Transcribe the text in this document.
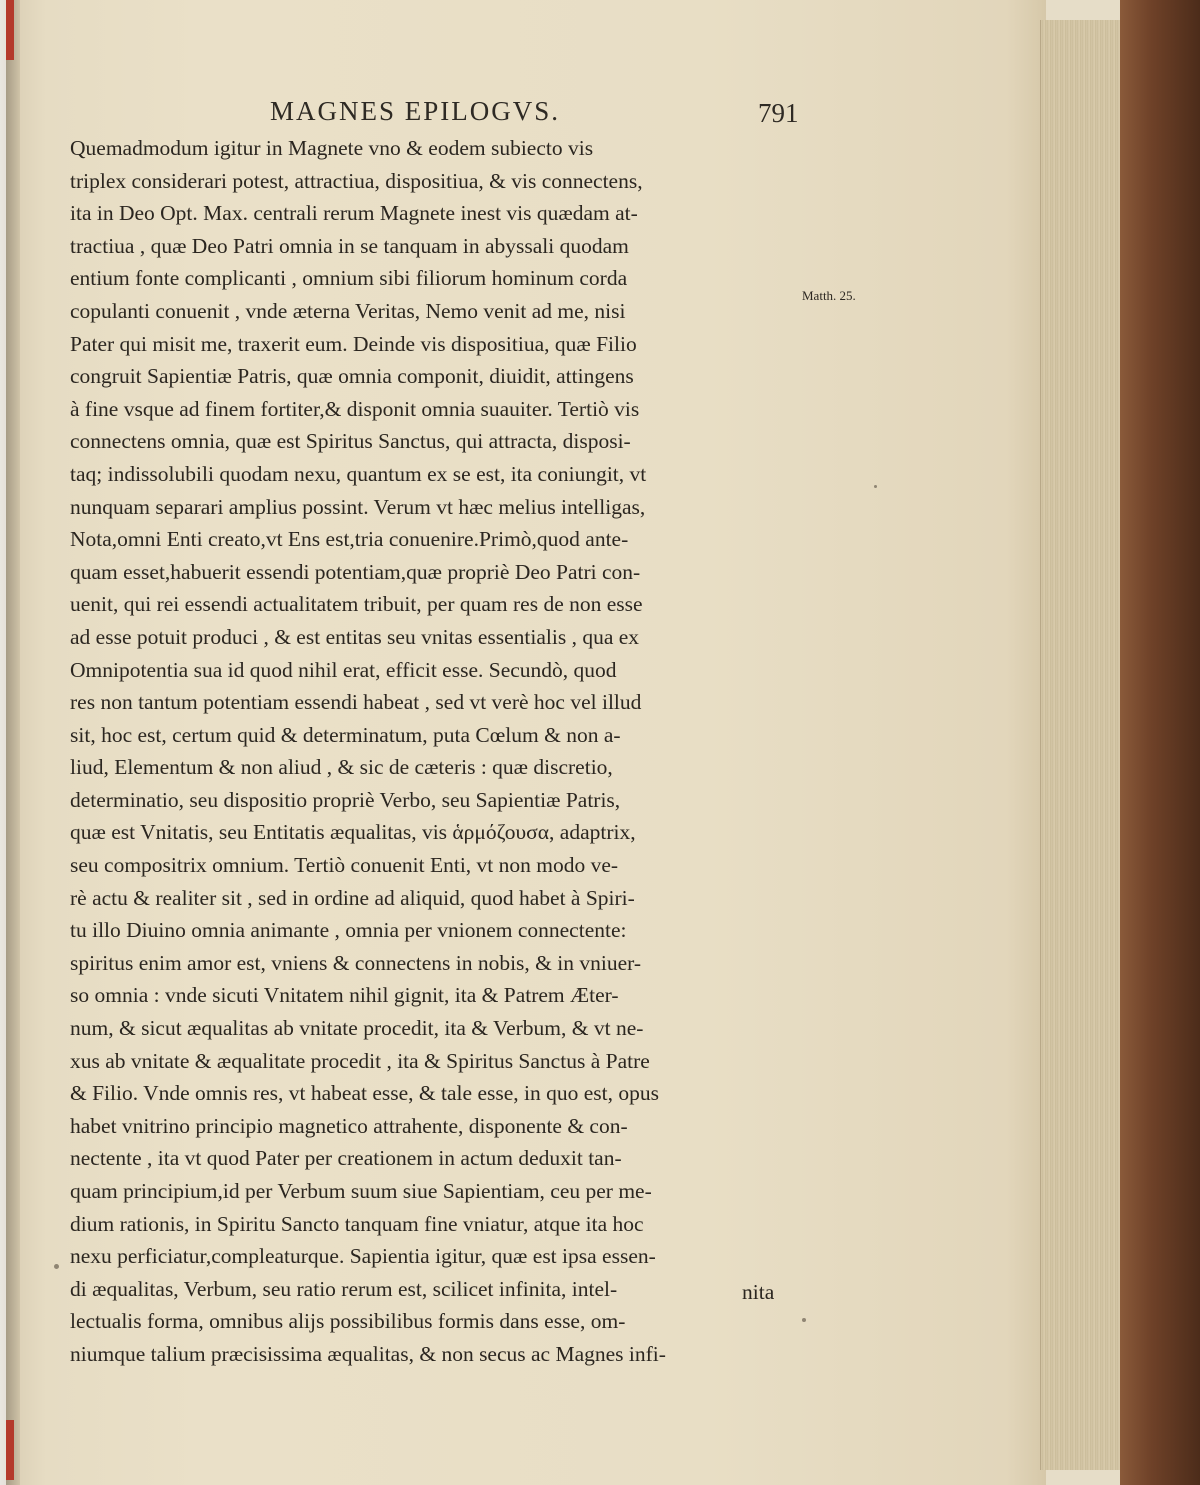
MAGNES EPILOGVS.	791
Quemadmodum igitur in Magnete vno & eodem subiecto vis
triplex considerari potest, attractiua, dispositiua, & vis connectens,
ita in Deo Opt. Max. centrali rerum Magnete inest vis quædam at-
tractiua , quæ Deo Patri omnia in se tanquam in abyssali quodam
entium fonte complicanti , omnium sibi filiorum hominum corda
copulanti conuenit , vnde æterna Veritas, Nemo venit ad me, nisi
Pater qui misit me, traxerit eum. Deinde vis dispositiua, quæ Filio
congruit Sapientiæ Patris, quæ omnia componit, diuidit, attingens
à fine vsque ad finem fortiter,& disponit omnia suauiter. Tertiò vis
connectens omnia, quæ est Spiritus Sanctus, qui attracta, disposi-
taq; indissolubili quodam nexu, quantum ex se est, ita coniungit, vt
nunquam separari amplius possint. Verum vt hæc melius intelligas,
Nota,omni Enti creato,vt Ens est,tria conuenire.Primò,quod ante-
quam esset,habuerit essendi potentiam,quæ propriè Deo Patri con-
uenit, qui rei essendi actualitatem tribuit, per quam res de non esse
ad esse potuit produci , & est entitas seu vnitas essentialis , qua ex
Omnipotentia sua id quod nihil erat, efficit esse. Secundò, quod
res non tantum potentiam essendi habeat , sed vt verè hoc vel illud
sit, hoc est, certum quid & determinatum, puta Cœlum & non a-
liud, Elementum & non aliud , & sic de cæteris : quæ discretio,
determinatio, seu dispositio propriè Verbo, seu Sapientiæ Patris,
quæ est Vnitatis, seu Entitatis æqualitas, vis ἁρμόζουσα, adaptrix,
seu compositrix omnium. Tertiò conuenit Enti, vt non modo ve-
rè actu & realiter sit , sed in ordine ad aliquid, quod habet à Spiri-
tu illo Diuino omnia animante , omnia per vnionem connectente:
spiritus enim amor est, vniens & connectens in nobis, & in vniuer-
so omnia : vnde sicuti Vnitatem nihil gignit, ita & Patrem Æter-
num, & sicut æqualitas ab vnitate procedit, ita & Verbum, & vt ne-
xus ab vnitate & æqualitate procedit , ita & Spiritus Sanctus à Patre
& Filio. Vnde omnis res, vt habeat esse, & tale esse, in quo est, opus
habet vnitrino principio magnetico attrahente, disponente & con-
nectente , ita vt quod Pater per creationem in actum deduxit tan-
quam principium,id per Verbum suum siue Sapientiam, ceu per me-
dium rationis, in Spiritu Sancto tanquam fine vniatur, atque ita hoc
nexu perficiatur,compleaturque. Sapientia igitur, quæ est ipsa essen-
di æqualitas, Verbum, seu ratio rerum est, scilicet infinita, intel-
lectualis forma, omnibus alijs possibilibus formis dans esse, om-
niumque talium præcisissima æqualitas, & non secus ac Magnes infi-
Matth. 25.
nita
